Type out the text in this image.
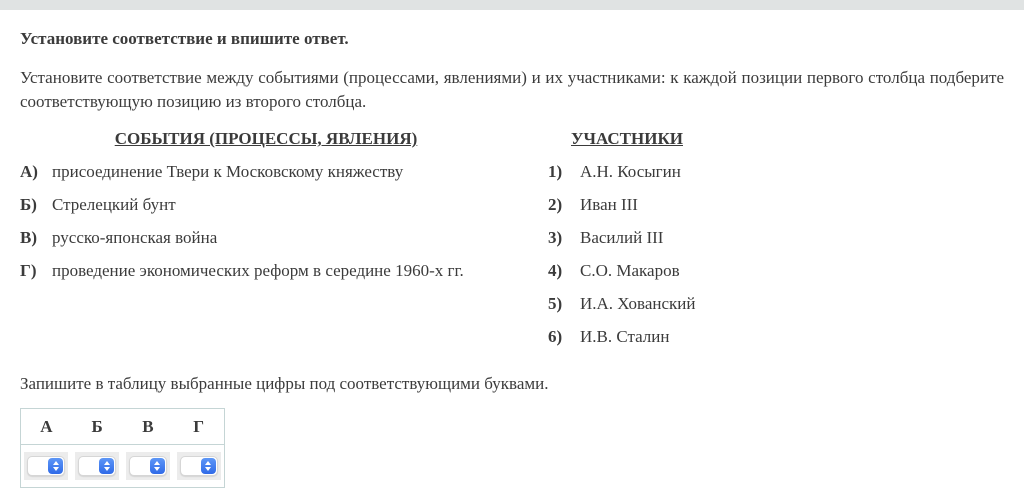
Установите соответствие и впишите ответ.

Установите соответствие между событиями (процессами, явлениями) и их участниками: к каждой позиции первого столбца подберите соответствующую позицию из второго столбца.

СОБЫТИЯ (ПРОЦЕССЫ, ЯВЛЕНИЯ)
А) присоединение Твери к Московскому княжеству
Б) Стрелецкий бунт
В) русско-японская война
Г) проведение экономических реформ в середине 1960-х гг.
УЧАСТНИКИ
1)	А.Н. Косыгин
2)	Иван III
3)	Василий III
4)	С.О. Макаров
5)	И.А. Хованский
6)	И.В. Сталин

Запишите в таблицу выбранные цифры под соответствующими буквами.

А	Б	В	Г
